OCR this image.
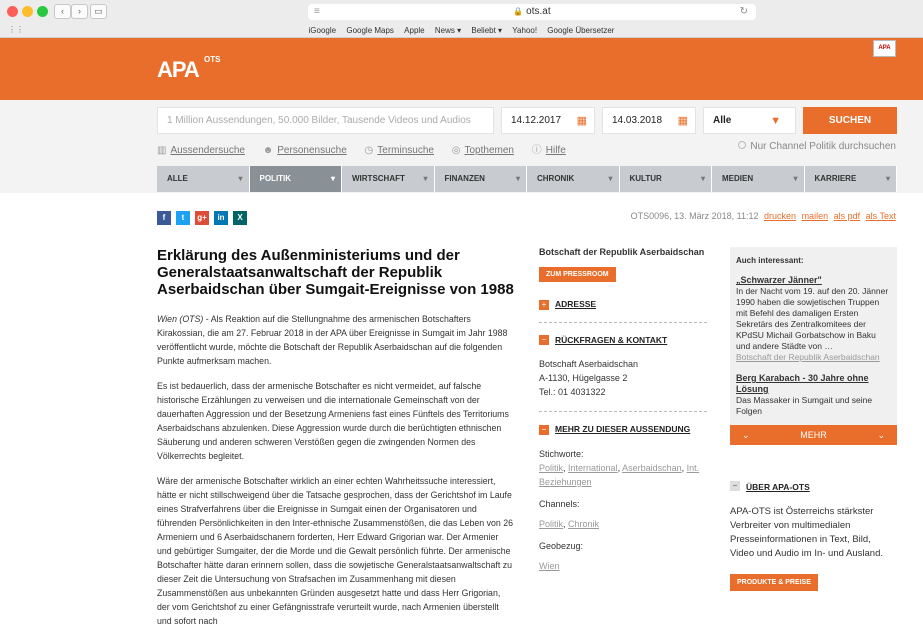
‹	›	▭	≡	🔒 ots.at	↻
⋮⋮	iGoogle Google Maps Apple News ▾ Beliebt ▾ Yahoo! Google Übersetzer
APA OTS
APA
1 Million Aussendungen, 50.000 Bilder, Tausende Videos und Audios	14.12.2017 ▦	14.03.2018 ▦	Alle	▼	SUCHEN
▥ Aussendersuche ☻ Personensuche ◷ Terminsuche ◎ Topthemen ⓘ Hilfe	Nur Channel Politik durchsuchen
ALLE ▾	POLITIK ▾	WIRTSCHAFT ▾	FINANZEN ▾	CHRONIK ▾	KULTUR ▾	MEDIEN ▾	KARRIERE ▾
f	t	g+	in	X	OTS0096, 13. März 2018, 11:12 drucken mailen als pdf als Text
Erklärung des Außenministeriums und der Generalstaatsanwaltschaft der Republik Aserbaidschan über Sumgait-Ereignisse von 1988

Wien (OTS) - Als Reaktion auf die Stellungnahme des armenischen Botschafters Kirakossian, die am 27. Februar 2018 in der APA über Ereignisse in Sumgait im Jahr 1988 veröffentlicht wurde, möchte die Botschaft der Republik Aserbaidschan auf die folgenden Punkte aufmerksam machen.

Es ist bedauerlich, dass der armenische Botschafter es nicht vermeidet, auf falsche historische Erzählungen zu verweisen und die internationale Gemeinschaft von der dauerhaften Aggression und der Besetzung Armeniens fast eines Fünftels des Territoriums Aserbaidschans abzulenken. Diese Aggression wurde durch die berüchtigten ethnischen Säuberung und anderen schweren Verstößen gegen die zwingenden Normen des Völkerrechts begleitet.

Wäre der armenische Botschafter wirklich an einer echten Wahrheitssuche interessiert, hätte er nicht stillschweigend über die Tatsache gesprochen, dass der Gerichtshof im Laufe eines Strafverfahrens über die Ereignisse in Sumgait einen der Organisatoren und führenden Persönlichkeiten in den Inter-ethnische Zusammenstößen, die das Leben von 26 Armeniern und 6 Aserbaidschanern forderten, Herr Edward Grigorian war. Der Armenier und gebürtiger Sumgaiter, der die Morde und die Gewalt persönlich führte. Der armenische Botschafter hätte daran erinnern sollen, dass die sowjetische Generalstaatsanwaltschaft zu dieser Zeit die Untersuchung von Strafsachen im Zusammenhang mit diesen Zusammenstößen aus unbekannten Gründen ausgesetzt hatte und dass Herr Grigorian, der vom Gerichtshof zu einer Gefängnisstrafe verurteilt wurde, nach Armenien überstellt und sofort nach

Botschaft der Republik Aserbaidschan
ZUM PRESSROOM
+ ADRESSE
− RÜCKFRAGEN & KONTAKT
Botschaft Aserbaidschan
A-1130, Hügelgasse 2
Tel.: 01 4031322
− MEHR ZU DIESER AUSSENDUNG
Stichworte:
Politik, International, Aserbaidschan, Int. Beziehungen
Channels:
Politik, Chronik
Geobezug:
Wien
Auch interessant:
„Schwarzer Jänner"
In der Nacht vom 19. auf den 20. Jänner 1990 haben die sowjetischen Truppen mit Befehl des damaligen Ersten Sekretärs des Zentralkomitees der KPdSU Michail Gorbatschow in Baku und andere Städte von …
Botschaft der Republik Aserbaidschan
Berg Karabach - 30 Jahre ohne Lösung
Das Massaker in Sumgait und seine Folgen
⌄	MEHR	⌄
− ÜBER APA-OTS
APA-OTS ist Österreichs stärkster Verbreiter von multimedialen Presseinformationen in Text, Bild, Video und Audio im In- und Ausland.
PRODUKTE & PREISE
